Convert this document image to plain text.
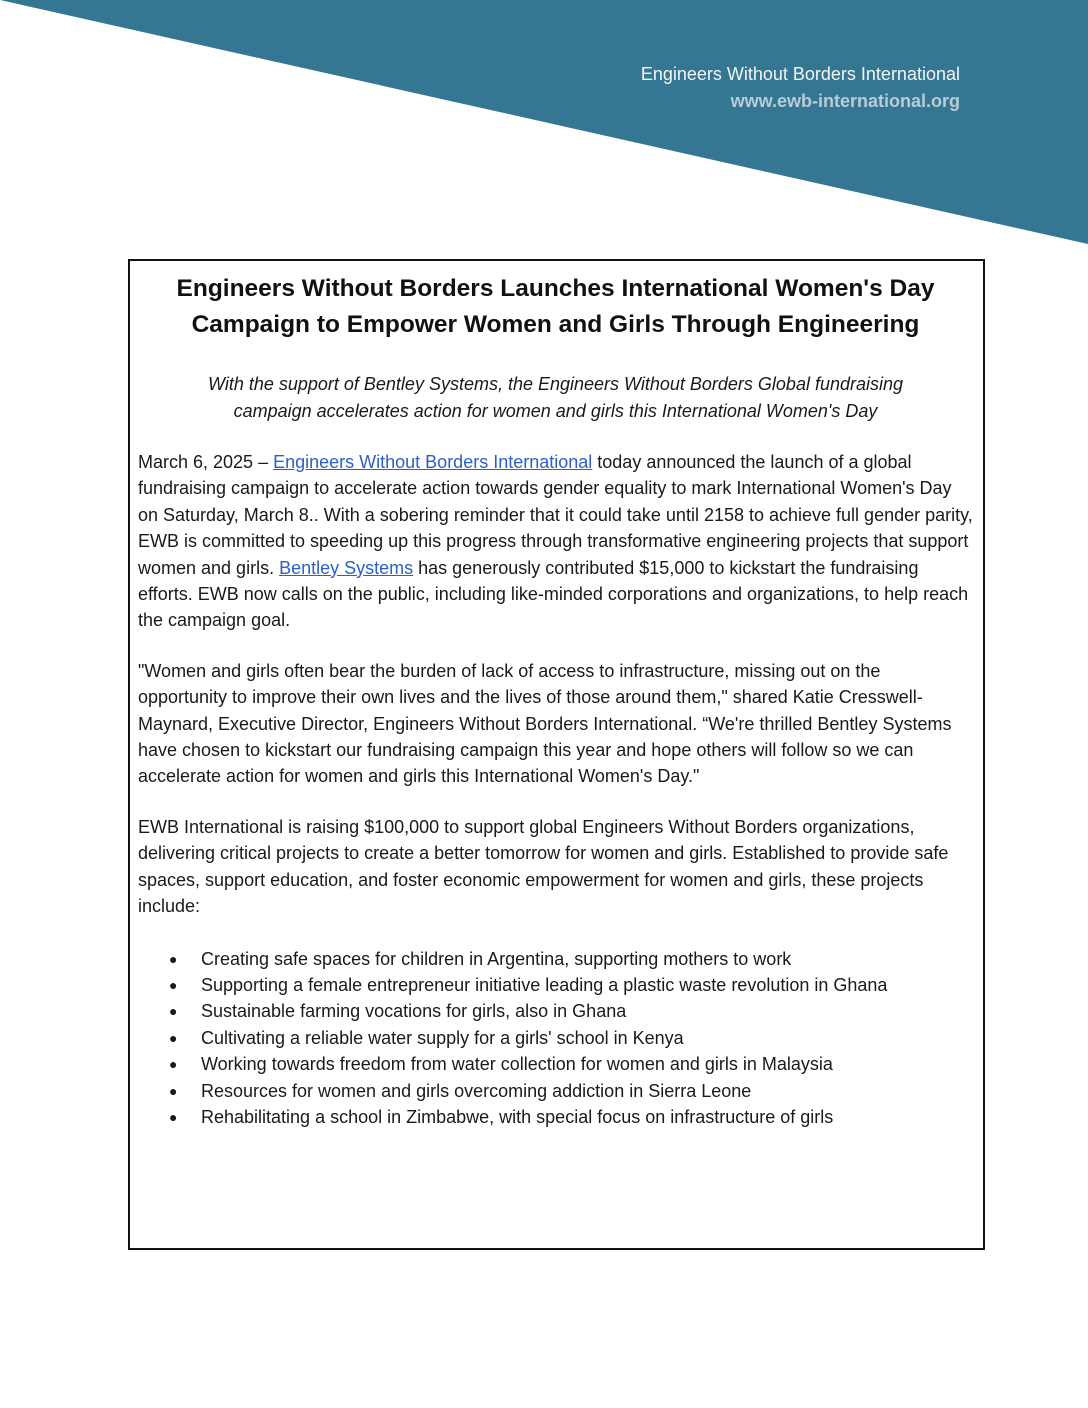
Engineers Without Borders International
www.ewb-international.org
Engineers Without Borders Launches International Women's Day
Campaign to Empower Women and Girls Through Engineering

With the support of Bentley Systems, the Engineers Without Borders Global fundraising
campaign accelerates action for women and girls this International Women's Day

March 6, 2025 – Engineers Without Borders International today announced the launch of a global fundraising campaign to accelerate action towards gender equality to mark International Women's Day on Saturday, March 8.. With a sobering reminder that it could take until 2158 to achieve full gender parity, EWB is committed to speeding up this progress through transformative engineering projects that support women and girls. Bentley Systems has generously contributed $15,000 to kickstart the fundraising efforts. EWB now calls on the public, including like-minded corporations and organizations, to help reach the campaign goal.

"Women and girls often bear the burden of lack of access to infrastructure, missing out on the opportunity to improve their own lives and the lives of those around them," shared Katie Cresswell-Maynard, Executive Director, Engineers Without Borders International. “We're thrilled Bentley Systems have chosen to kickstart our fundraising campaign this year and hope others will follow so we can accelerate action for women and girls this International Women's Day."

EWB International is raising $100,000 to support global Engineers Without Borders organizations, delivering critical projects to create a better tomorrow for women and girls. Established to provide safe spaces, support education, and foster economic empowerment for women and girls, these projects include:

● Creating safe spaces for children in Argentina, supporting mothers to work
● Supporting a female entrepreneur initiative leading a plastic waste revolution in Ghana
● Sustainable farming vocations for girls, also in Ghana
● Cultivating a reliable water supply for a girls' school in Kenya
● Working towards freedom from water collection for women and girls in Malaysia
● Resources for women and girls overcoming addiction in Sierra Leone
● Rehabilitating a school in Zimbabwe, with special focus on infrastructure of girls
